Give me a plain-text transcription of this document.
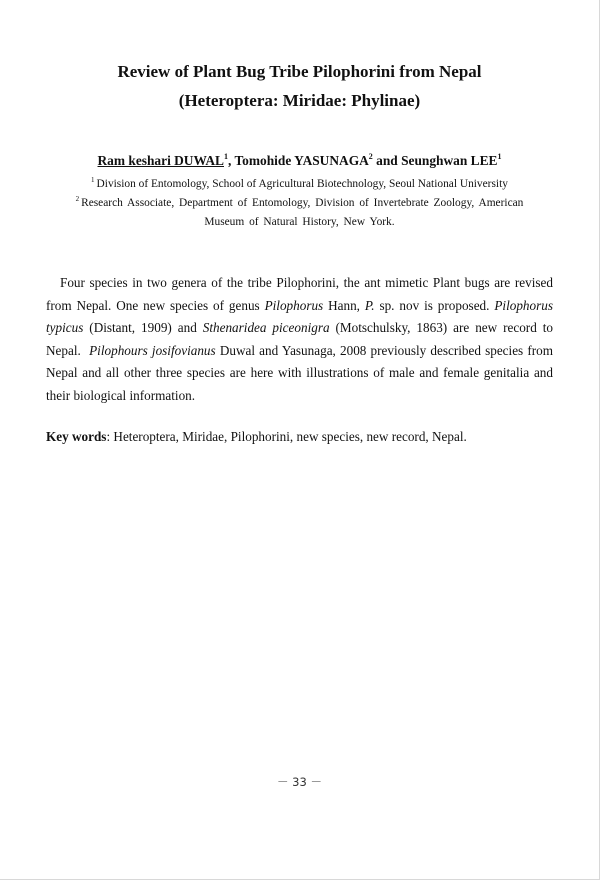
Review of Plant Bug Tribe Pilophorini from Nepal
(Heteroptera: Miridae: Phylinae)
Ram keshari DUWAL$^1$, Tomohide YASUNAGA$^2$ and Seunghwan LEE$^1$
$^1$ Division of Entomology, School of Agricultural Biotechnology, Seoul National University
$^2$ Research Associate, Department of Entomology, Division of Invertebrate Zoology, American
Museum of Natural History, New York.

Four species in two genera of the tribe Pilophorini, the ant mimetic Plant bugs are revised from Nepal. One new species of genus Pilophorus Hann, P. sp. nov is proposed. Pilophorus typicus (Distant, 1909) and Sthenaridea piceonigra (Motschulsky, 1863) are new record to Nepal.  Pilophours josifovianus Duwal and Yasunaga, 2008 previously described species from Nepal and all other three species are here with illustrations of male and female genitalia and their biological information.

Key words: Heteroptera, Miridae, Pilophorini, new species, new record, Nepal.

－ 33 －
